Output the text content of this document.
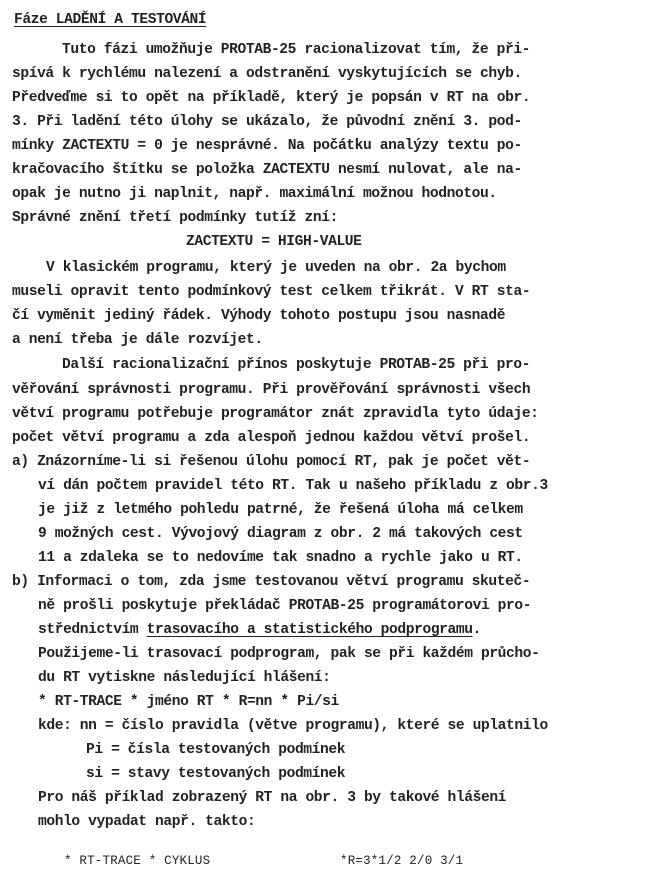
Fáze LADĚNÍ A TESTOVÁNÍ
Tuto fázi umožňuje PROTAB-25 racionalizovat tím, že při-
spívá k rychlému nalezení a odstranění vyskytujících se chyb.
Předveďme si to opět na příkladě, který je popsán v RT na obr.
3. Při ladění této úlohy se ukázalo, že původní znění 3. pod-
mínky ZACTEXTU = 0 je nesprávné. Na počátku analýzy textu po-
kračovacího štítku se položka ZACTEXTU nesmí nulovat, ale na-
opak je nutno ji naplnit, např. maximální možnou hodnotou.
Správné znění třetí podmínky tutíž zní:
ZACTEXTU = HIGH-VALUE
V klasickém programu, který je uveden na obr. 2a bychom
museli opravit tento podmínkový test celkem třikrát. V RT sta-
čí vyměnit jediný řádek. Výhody tohoto postupu jsou nasnadě
a není třeba je dále rozvíjet.
Další racionalizační přínos poskytuje PROTAB-25 při pro-
věřování správnosti programu. Při prověřování správnosti všech
větví programu potřebuje programátor znát zpravidla tyto údaje:
počet větví programu a zda alespoň jednou každou větví prošel.
a) Znázorníme-li si řešenou úlohu pomocí RT, pak je počet vět-
ví dán počtem pravidel této RT. Tak u našeho příkladu z obr.3
je již z letmého pohledu patrné, že řešená úloha má celkem
9 možných cest. Vývojový diagram z obr. 2 má takových cest
11 a zdaleka se to nedovíme tak snadno a rychle jako u RT.
b) Informaci o tom, zda jsme testovanou větví programu skuteč-
ně prošli poskytuje překládač PROTAB-25 programátorovi pro-
střednictvím trasovacího a statistického podprogramu.
Použijeme-li trasovací podprogram, pak se při každém průcho-
du RT vytiskne následující hlášení:
* RT-TRACE * jméno RT * R=nn * Pi/si
kde: nn = číslo pravidla (větve programu), které se uplatnilo
Pi = čísla testovaných podmínek
si = stavy testovaných podmínek
Pro náš příklad zobrazený RT na obr. 3 by takové hlášení
mohlo vypadat např. takto:
* RT-TRACE * CYKLUS	*R=3*1/2 2/0 3/1
